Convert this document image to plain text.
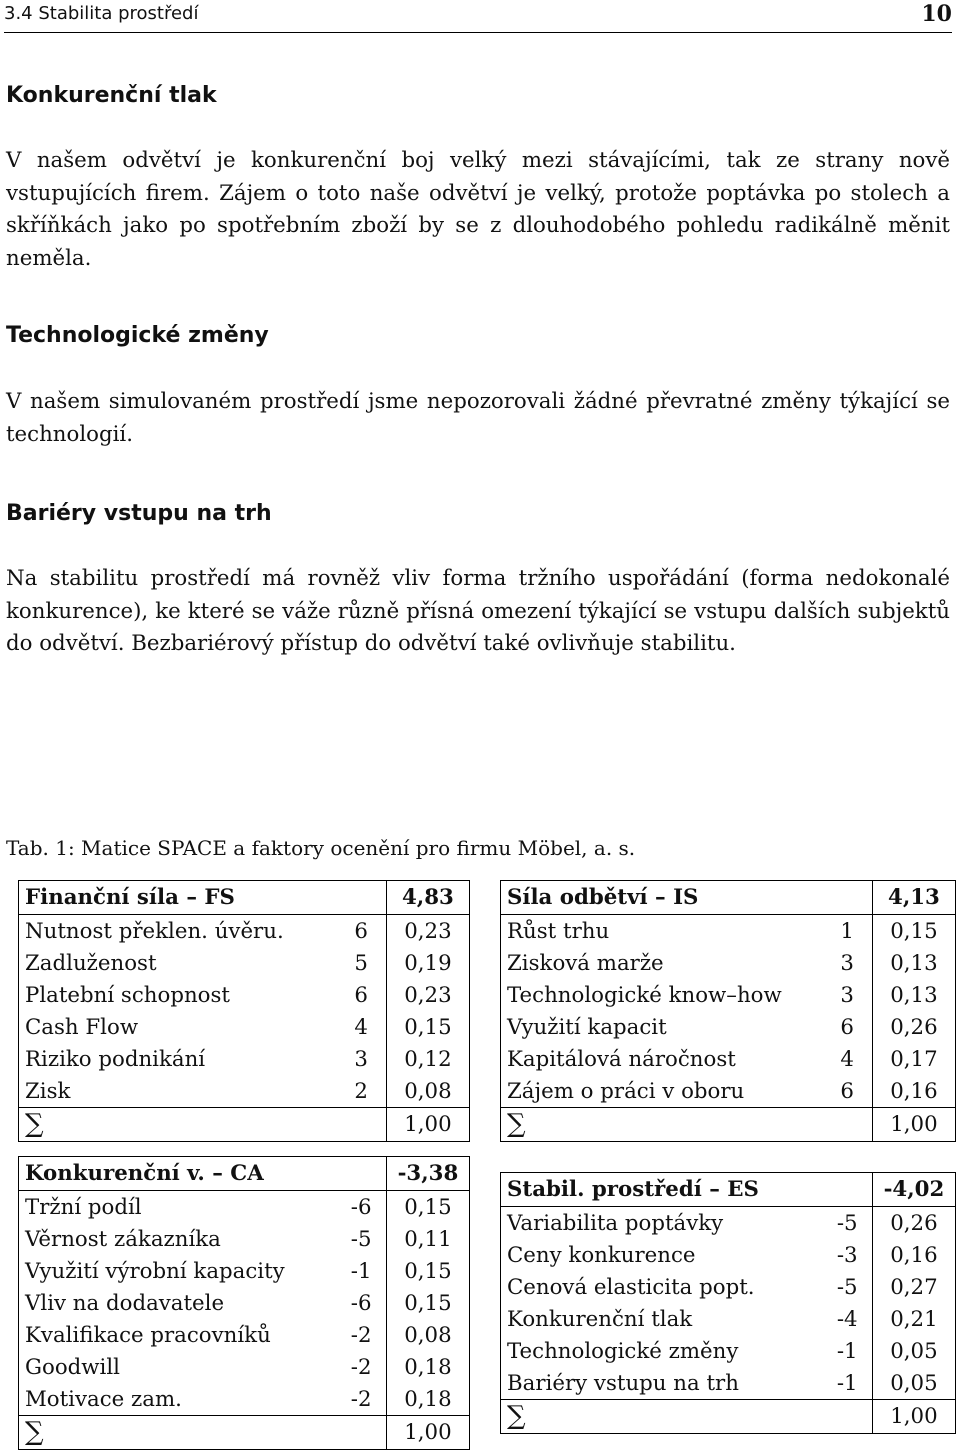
3.4 Stabilita prostředí	10
Konkurenční tlak
V našem odvětví je konkurenční boj velký mezi stávajícími, tak ze strany nově vstupujících firem. Zájem o toto naše odvětví je velký, protože poptávka po stolech a skříňkách jako po spotřebním zboží by se z dlouhodobého pohledu radikálně měnit neměla.
Technologické změny
V našem simulovaném prostředí jsme nepozorovali žádné převratné změny týkající se technologií.
Bariéry vstupu na trh
Na stabilitu prostředí má rovněž vliv forma tržního uspořádání (forma nedokonalé konkurence), ke které se váže různě přísná omezení týkající se vstupu dalších subjektů do odvětví. Bezbariérový přístup do odvětví také ovlivňuje stabilitu.
Tab. 1: Matice SPACE a faktory ocenění pro firmu Möbel, a. s.
Finanční síla – FS		4,83
Nutnost překlen. úvěru.	6	0,23
Zadluženost	5	0,19
Platební schopnost	6	0,23
Cash Flow	4	0,15
Riziko podnikání	3	0,12
Zisk	2	0,08
∑		1,00
Konkurenční v. – CA		-3,38
Tržní podíl	-6	0,15
Věrnost zákazníka	-5	0,11
Využití výrobní kapacity	-1	0,15
Vliv na dodavatele	-6	0,15
Kvalifikace pracovníků	-2	0,08
Goodwill	-2	0,18
Motivace zam.	-2	0,18
∑		1,00
Síla odbětví – IS		4,13
Růst trhu	1	0,15
Zisková marže	3	0,13
Technologické know–how	3	0,13
Využití kapacit	6	0,26
Kapitálová náročnost	4	0,17
Zájem o práci v oboru	6	0,16
∑		1,00
Stabil. prostředí – ES		-4,02
Variabilita poptávky	-5	0,26
Ceny konkurence	-3	0,16
Cenová elasticita popt.	-5	0,27
Konkurenční tlak	-4	0,21
Technologické změny	-1	0,05
Bariéry vstupu na trh	-1	0,05
∑		1,00
